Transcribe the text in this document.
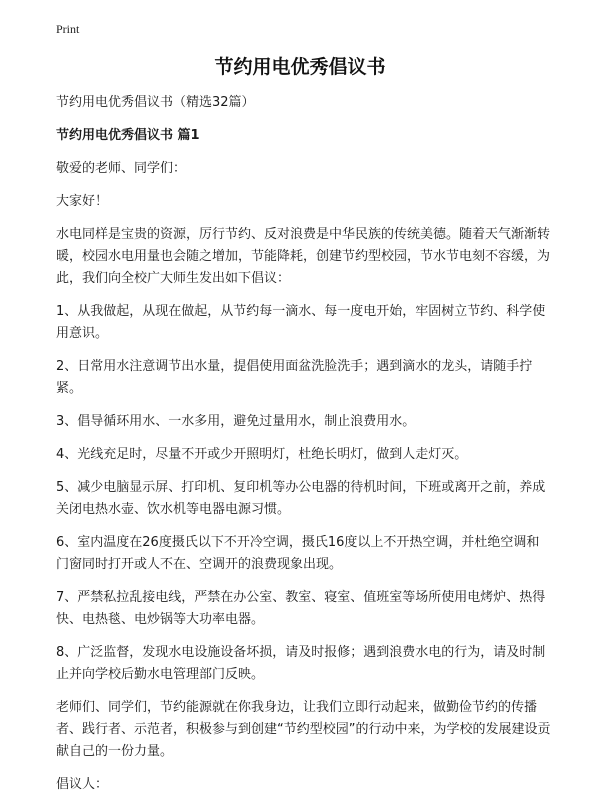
Print
节约用电优秀倡议书

节约用电优秀倡议书（精选32篇）

节约用电优秀倡议书 篇1

敬爱的老师、同学们：

大家好！

水电同样是宝贵的资源，厉行节约、反对浪费是中华民族的传统美德。随着天气渐渐转暖，校园水电用量也会随之增加，节能降耗，创建节约型校园，节水节电刻不容缓，为此，我们向全校广大师生发出如下倡议：

1、从我做起，从现在做起，从节约每一滴水、每一度电开始，牢固树立节约、科学使用意识。

2、日常用水注意调节出水量，提倡使用面盆洗脸洗手；遇到滴水的龙头，请随手拧紧。

3、倡导循环用水、一水多用，避免过量用水，制止浪费用水。

4、光线充足时，尽量不开或少开照明灯，杜绝长明灯，做到人走灯灭。

5、减少电脑显示屏、打印机、复印机等办公电器的待机时间，下班或离开之前，养成关闭电热水壶、饮水机等电器电源习惯。

6、室内温度在26度摄氏以下不开冷空调，摄氏16度以上不开热空调，并杜绝空调和门窗同时打开或人不在、空调开的浪费现象出现。

7、严禁私拉乱接电线，严禁在办公室、教室、寝室、值班室等场所使用电烤炉、热得快、电热毯、电炒锅等大功率电器。

8、广泛监督，发现水电设施设备坏损，请及时报修；遇到浪费水电的行为，请及时制止并向学校后勤水电管理部门反映。

老师们、同学们，节约能源就在你我身边，让我们立即行动起来，做勤俭节约的传播者、践行者、示范者，积极参与到创建“节约型校园”的行动中来，为学校的发展建设贡献自己的一份力量。

倡议人：
